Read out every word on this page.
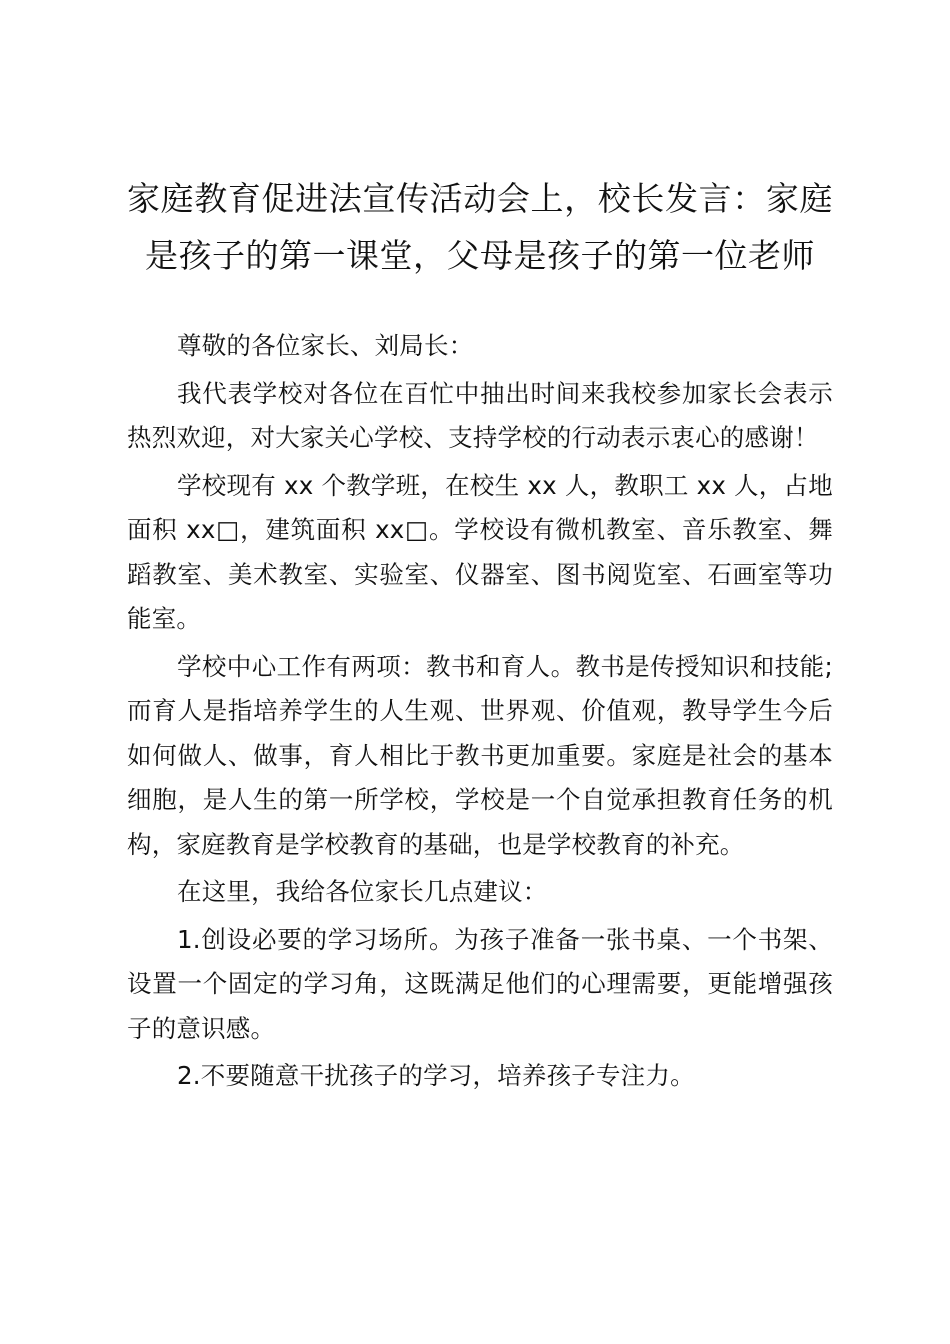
家庭教育促进法宣传活动会上，校长发言：家庭是孩子的第一课堂，父母是孩子的第一位老师

尊敬的各位家长、刘局长：

我代表学校对各位在百忙中抽出时间来我校参加家长会表示热烈欢迎，对大家关心学校、支持学校的行动表示衷心的感谢！

学校现有 xx 个教学班，在校生 xx 人，教职工 xx 人，占地面积 xx□，建筑面积 xx□。学校设有微机教室、音乐教室、舞蹈教室、美术教室、实验室、仪器室、图书阅览室、石画室等功能室。

学校中心工作有两项：教书和育人。教书是传授知识和技能;而育人是指培养学生的人生观、世界观、价值观，教导学生今后如何做人、做事，育人相比于教书更加重要。家庭是社会的基本细胞，是人生的第一所学校，学校是一个自觉承担教育任务的机构，家庭教育是学校教育的基础，也是学校教育的补充。

在这里，我给各位家长几点建议：

1.创设必要的学习场所。为孩子准备一张书桌、一个书架、设置一个固定的学习角，这既满足他们的心理需要，更能增强孩子的意识感。

2.不要随意干扰孩子的学习，培养孩子专注力。
